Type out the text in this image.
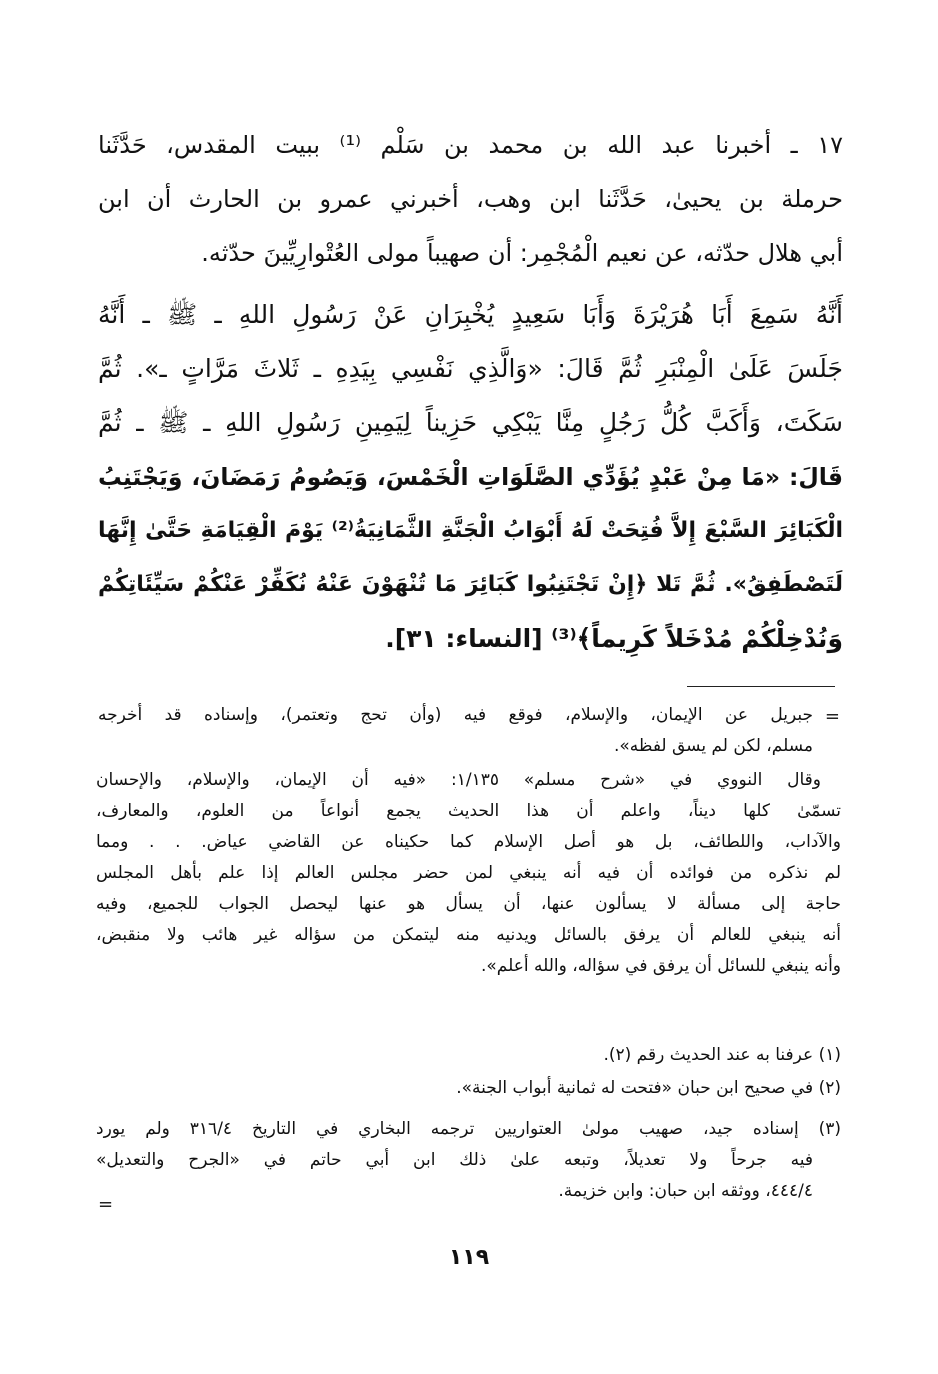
١٧ ـ أخبرنا عبد الله بن محمد بن سَلْم ⁽¹⁾ ببيت المقدس، حَدَّثَنا
حرملة بن يحيىٰ، حَدَّثَنا ابن وهب، أخبرني عمرو بن الحارث أن ابن
أبي هلال حدّثه، عن نعيم الْمُجْمِر: أن صهيباً مولى العُتْوارِيِّينَ حدّثه.
أَنَّهُ سَمِعَ أَبَا هُرَيْرَةَ وَأَبَا سَعِيدٍ يُخْبِرَانِ عَنْ رَسُولِ اللهِ ـ ﷺ ـ أَنَّهُ
جَلَسَ عَلَىٰ الْمِنْبَرِ ثُمَّ قَالَ: «وَالَّذِي نَفْسِي بِيَدِهِ ـ ثَلاثَ مَرَّاتٍ ـ». ثُمَّ
سَكَتَ، وَأَكَبَّ كُلُّ رَجُلٍ مِنَّا يَبْكِي حَزِيناً لِيَمِينِ رَسُولِ اللهِ ـ ﷺ ـ ثُمَّ
قَالَ: «مَا مِنْ عَبْدٍ يُؤَدِّي الصَّلَوَاتِ الْخَمْسَ، وَيَصُومُ رَمَضَانَ، وَيَجْتَنِبُ
الْكَبَائِرَ السَّبْعَ إِلاَّ فُتِحَتْ لَهُ أَبْوَابُ الْجَنَّةِ الثَّمَانِيَةُ⁽²⁾ يَوْمَ الْقِيَامَةِ حَتَّىٰ إِنَّهَا
لَتَصْطَفِقُ». ثُمَّ تَلا ﴿إِنْ تَجْتَنِبُوا كَبَائِرَ مَا تُنْهَوْنَ عَنْهُ نُكَفِّرْ عَنْكُمْ سَيِّئَاتِكُمْ
وَنُدْخِلْكُمْ مُدْخَلاً كَرِيماً﴾⁽³⁾ [النساء: ٣١].
=
جبريل عن الإيمان، والإسلام، فوقع فيه (وأن تحج وتعتمر)، وإسناده قد أخرجه
مسلم، لكن لم يسق لفظه».
وقال النووي في «شرح مسلم» ١/١٣٥: «فيه أن الإيمان، والإسلام، والإحسان
تسمّىٰ كلها ديناً، واعلم أن هذا الحديث يجمع أنواعاً من العلوم، والمعارف،
والآداب، واللطائف، بل هو أصل الإسلام كما حكيناه عن القاضي عياض. . . ومما
لم نذكره من فوائده أن فيه أنه ينبغي لمن حضر مجلس العالم إذا علم بأهل المجلس
حاجة إلى مسألة لا يسألون عنها، أن يسأل هو عنها ليحصل الجواب للجميع، وفيه
أنه ينبغي للعالم أن يرفق بالسائل ويدنيه منه ليتمكن من سؤاله غير هائب ولا منقبض،
وأنه ينبغي للسائل أن يرفق في سؤاله، والله أعلم».
(١) عرفنا به عند الحديث رقم (٢).
(٢) في صحيح ابن حبان «فتحت له ثمانية أبواب الجنة».
(٣) إسناده جيد، صهيب مولىٰ العتواريين ترجمه البخاري في التاريخ ٣١٦/٤ ولم يورد
فيه جرحاً ولا تعديلاً، وتبعه علىٰ ذلك ابن أبي حاتم في «الجرح والتعديل»
٤٤٤/٤، ووثقه ابن حبان: وابن خزيمة.
=
١١٩
